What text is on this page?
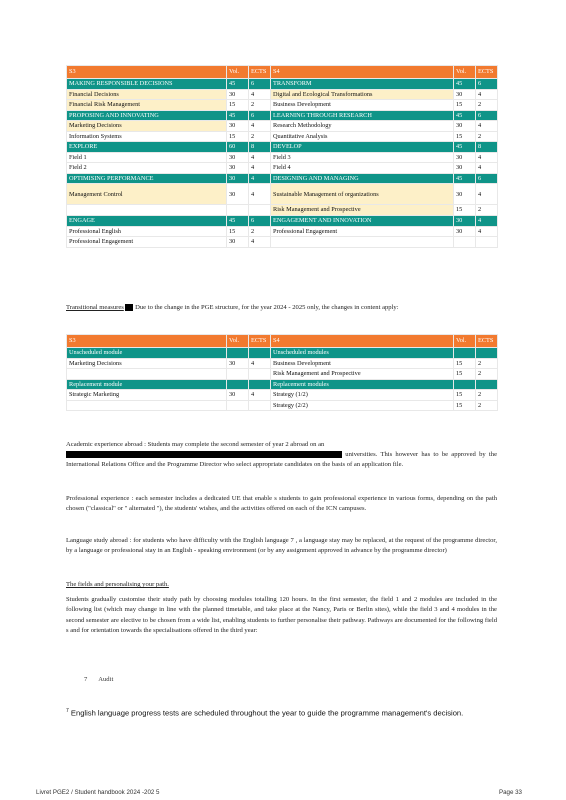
S3	Vol.	ECTS	S4	Vol.	ECTS
MAKING RESPONSIBLE DECISIONS	45	6	TRANSFORM	45	6
Financial Decisions	30	4	Digital and Ecological Transformations	30	4
Financial Risk Management	15	2	Business Development	15	2
PROPOSING AND INNOVATING	45	6	LEARNING THROUGH RESEARCH	45	6
Marketing Decisions	30	4	Research Methodology	30	4
Information Systems	15	2	Quantitative Analysis	15	2
EXPLORE	60	8	DEVELOP	45	8
Field 1	30	4	Field 3	30	4
Field 2	30	4	Field 4	30	4
OPTIMISING PERFORMANCE	30	4	DESIGNING AND MANAGING	45	6
Management Control	30	4	Sustainable Management of organizations	30	4
			Risk Management and Prospective	15	2
ENGAGE	45	6	ENGAGEMENT AND INNOVATION	30	4
Professional English	15	2	Professional Engagement	30	4
Professional Engagement	30	4			
Transitional measures Due to the change in the PGE structure, for the year 2024 - 2025 only, the changes in content apply:
S3	Vol.	ECTS	S4	Vol.	ECTS
Unscheduled module			Unscheduled modules		
Marketing Decisions	30	4	Business Development	15	2
			Risk Management and Prospective	15	2
Replacement module			Replacement modules		
Strategic Marketing	30	4	Strategy (1/2)	15	2
			Strategy (2/2)	15	2
Academic experience abroad : Students may complete the second semester of year 2 abroad on an
universities. This however has to be approved by the International Relations Office and the Programme Director who select appropriate candidates on the basis of an application file.
Professional experience : each semester includes a dedicated UE that enable s students to gain professional experience in various forms, depending on the path chosen ("classical" or " alternated "), the students' wishes, and the activities offered on each of the ICN campuses.
Language study abroad : for students who have difficulty with the English language 7 , a language stay may be replaced, at the request of the programme director, by a language or professional stay in an English - speaking environment (or by any assignment approved in advance by the programme director)
The fields and personalising your path.
Students gradually customise their study path by choosing modules totalling 120 hours. In the first semester, the field 1 and 2 modules are included in the following list (which may change in line with the planned timetable, and take place at the Nancy, Paris or Berlin sites), while the field 3 and 4 modules in the second semester are elective to be chosen from a wide list, enabling students to further personalise their pathway. Pathways are documented for the following field s and for orientation towards the specialisations offered in the third year:
7 Audit
$^7$ English language progress tests are scheduled throughout the year to guide the programme management's decision.
Livret PGE2 / Student handbook 2024 -202 5	Page 33
